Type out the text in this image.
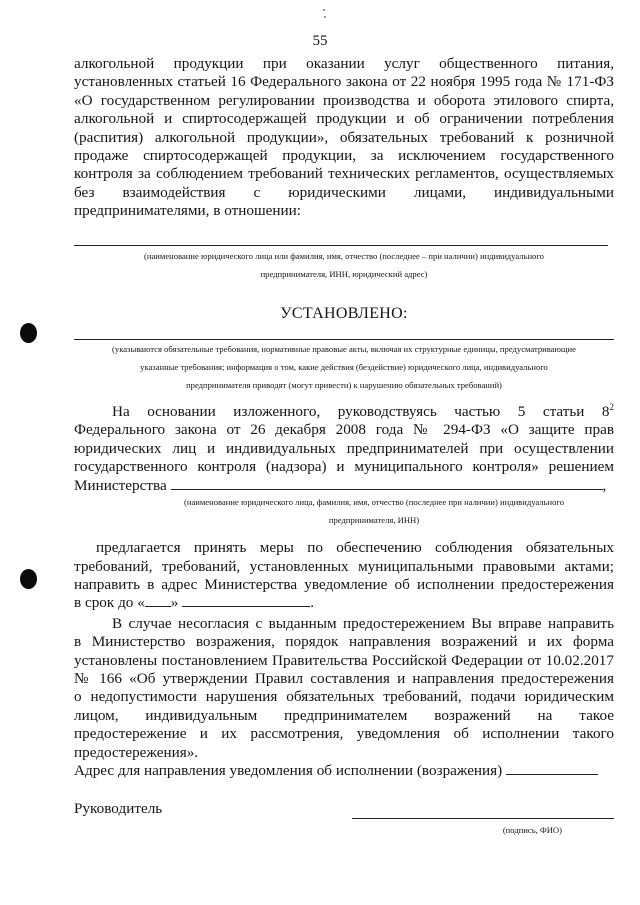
55
алкогольной продукции при оказании услуг общественного питания,
установленных статьей 16 Федерального закона от 22 ноября 1995 года № 171-ФЗ
«О государственном регулировании производства и оборота этилового спирта,
алкогольной и спиртосодержащей продукции и об ограничении потребления
(распития) алкогольной продукции», обязательных требований к розничной
продаже спиртосодержащей продукции, за исключением государственного
контроля за соблюдением требований технических регламентов, осуществляемых
без взаимодействия с юридическими лицами, индивидуальными
предпринимателями, в отношении:

(наименование юридического лица или фамилия, имя, отчество (последнее – при наличии) индивидуального
предпринимателя, ИНН, юридический адрес)

УСТАНОВЛЕНО:

(указываются обязательные требования, нормативные правовые акты, включая их структурные единицы, предусматривающие
указанные требования; информация о том, какие действия (бездействие) юридического лица, индивидуального
предпринимателя приводят (могут привести) к нарушению обязательных требований)

На основании изложенного, руководствуясь частью 5 статьи $8^2$
Федерального закона от 26 декабря 2008 года № 294-ФЗ «О защите прав
юридических лиц и индивидуальных предпринимателей при осуществлении
государственного контроля (надзора) и муниципального контроля» решением
Министерства	,

(наименование юридического лица, фамилия, имя, отчество (последнее при наличии) индивидуального
предпринимателя, ИНН)

предлагается принять меры по обеспечению соблюдения обязательных
требований, требований, установленных муниципальными правовыми актами;
направить в адрес Министерства уведомление об исполнении предостережения
в срок до « »	.
В случае несогласия с выданным предостережением Вы вправе направить
в Министерство возражения, порядок направления возражений и их форма
установлены постановлением Правительства Российской Федерации от 10.02.2017
№ 166 «Об утверждении Правил составления и направления предостережения
о недопустимости нарушения обязательных требований, подачи юридическим
лицом, индивидуальным предпринимателем возражений на такое
предостережение и их рассмотрения, уведомления об исполнении такого
предостережения».
Адрес для направления уведомления об исполнении (возражения)
Руководитель
(подпись, ФИО)
